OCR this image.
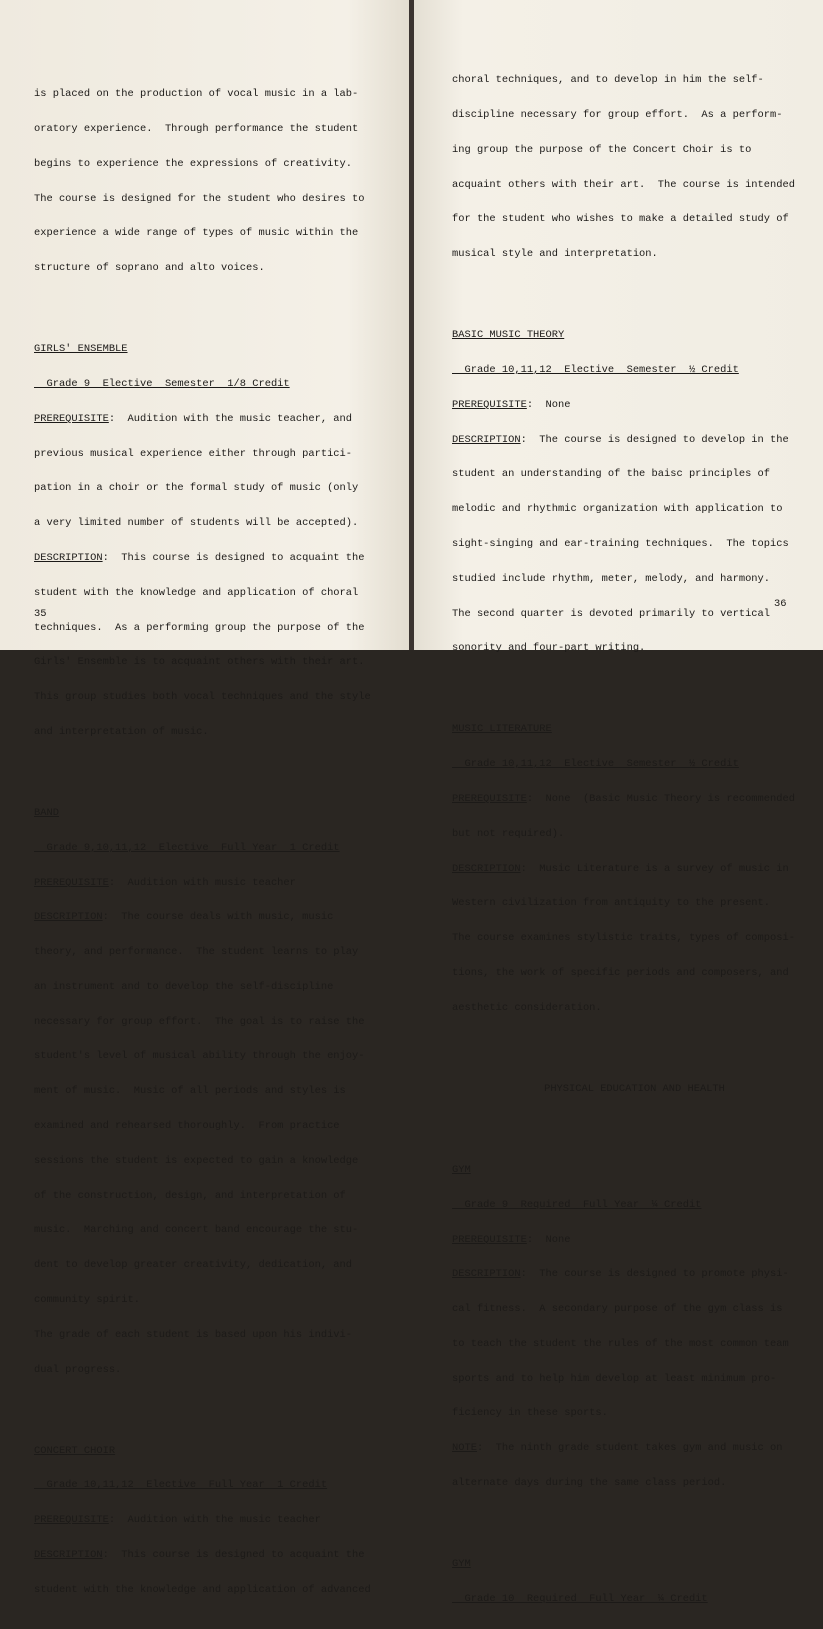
is placed on the production of vocal music in a lab-

oratory experience.  Through performance the student

begins to experience the expressions of creativity.

The course is designed for the student who desires to

experience a wide range of types of music within the

structure of soprano and alto voices.

GIRLS' ENSEMBLE

Grade 9  Elective  Semester  1/8 Credit

PREREQUISITE:  Audition with the music teacher, and

previous musical experience either through partici-

pation in a choir or the formal study of music (only

a very limited number of students will be accepted).

DESCRIPTION:  This course is designed to acquaint the

student with the knowledge and application of choral

techniques.  As a performing group the purpose of the

Girls' Ensemble is to acquaint others with their art.

This group studies both vocal techniques and the style

and interpretation of music.

BAND

Grade 9,10,11,12  Elective  Full Year  1 Credit

PREREQUISITE:  Audition with music teacher

DESCRIPTION:  The course deals with music, music

theory, and performance.  The student learns to play

an instrument and to develop the self-discipline

necessary for group effort.  The goal is to raise the

student's level of musical ability through the enjoy-

ment of music.  Music of all periods and styles is

examined and rehearsed thoroughly.  From practice

sessions the student is expected to gain a knowledge

of the construction, design, and interpretation of

music.  Marching and concert band encourage the stu-

dent to develop greater creativity, dedication, and

community spirit.

The grade of each student is based upon his indivi-

dual progress.

CONCERT CHOIR

Grade 10,11,12  Elective  Full Year  1 Credit

PREREQUISITE:  Audition with the music teacher

DESCRIPTION:  This course is designed to acquaint the

student with the knowledge and application of advanced

35

choral techniques, and to develop in him the self-

discipline necessary for group effort.  As a perform-

ing group the purpose of the Concert Choir is to

acquaint others with their art.  The course is intended

for the student who wishes to make a detailed study of

musical style and interpretation.

BASIC MUSIC THEORY

Grade 10,11,12  Elective  Semester  ½ Credit

PREREQUISITE:  None

DESCRIPTION:  The course is designed to develop in the

student an understanding of the baisc principles of

melodic and rhythmic organization with application to

sight-singing and ear-training techniques.  The topics

studied include rhythm, meter, melody, and harmony.

The second quarter is devoted primarily to vertical

sonority and four-part writing.

MUSIC LITERATURE

Grade 10,11,12  Elective  Semester  ½ Credit

PREREQUISITE:  None  (Basic Music Theory is recommended

but not required).

DESCRIPTION:  Music Literature is a survey of music in

Western civilization from antiquity to the present.

The course examines stylistic traits, types of composi-

tions, the work of specific periods and composers, and

aesthetic consideration.

PHYSICAL EDUCATION AND HEALTH

GYM

Grade 9  Required  Full Year  ¼ Credit

PREREQUISITE:  None

DESCRIPTION:  The course is designed to promote physi-

cal fitness.  A secondary purpose of the gym class is

to teach the student the rules of the most common team

sports and to help him develop at least minimum pro-

ficiency in these sports.

NOTE:  The ninth grade student takes gym and music on

alternate days during the same class period.

GYM

Grade 10  Required  Full Year  ¼ Credit

36
